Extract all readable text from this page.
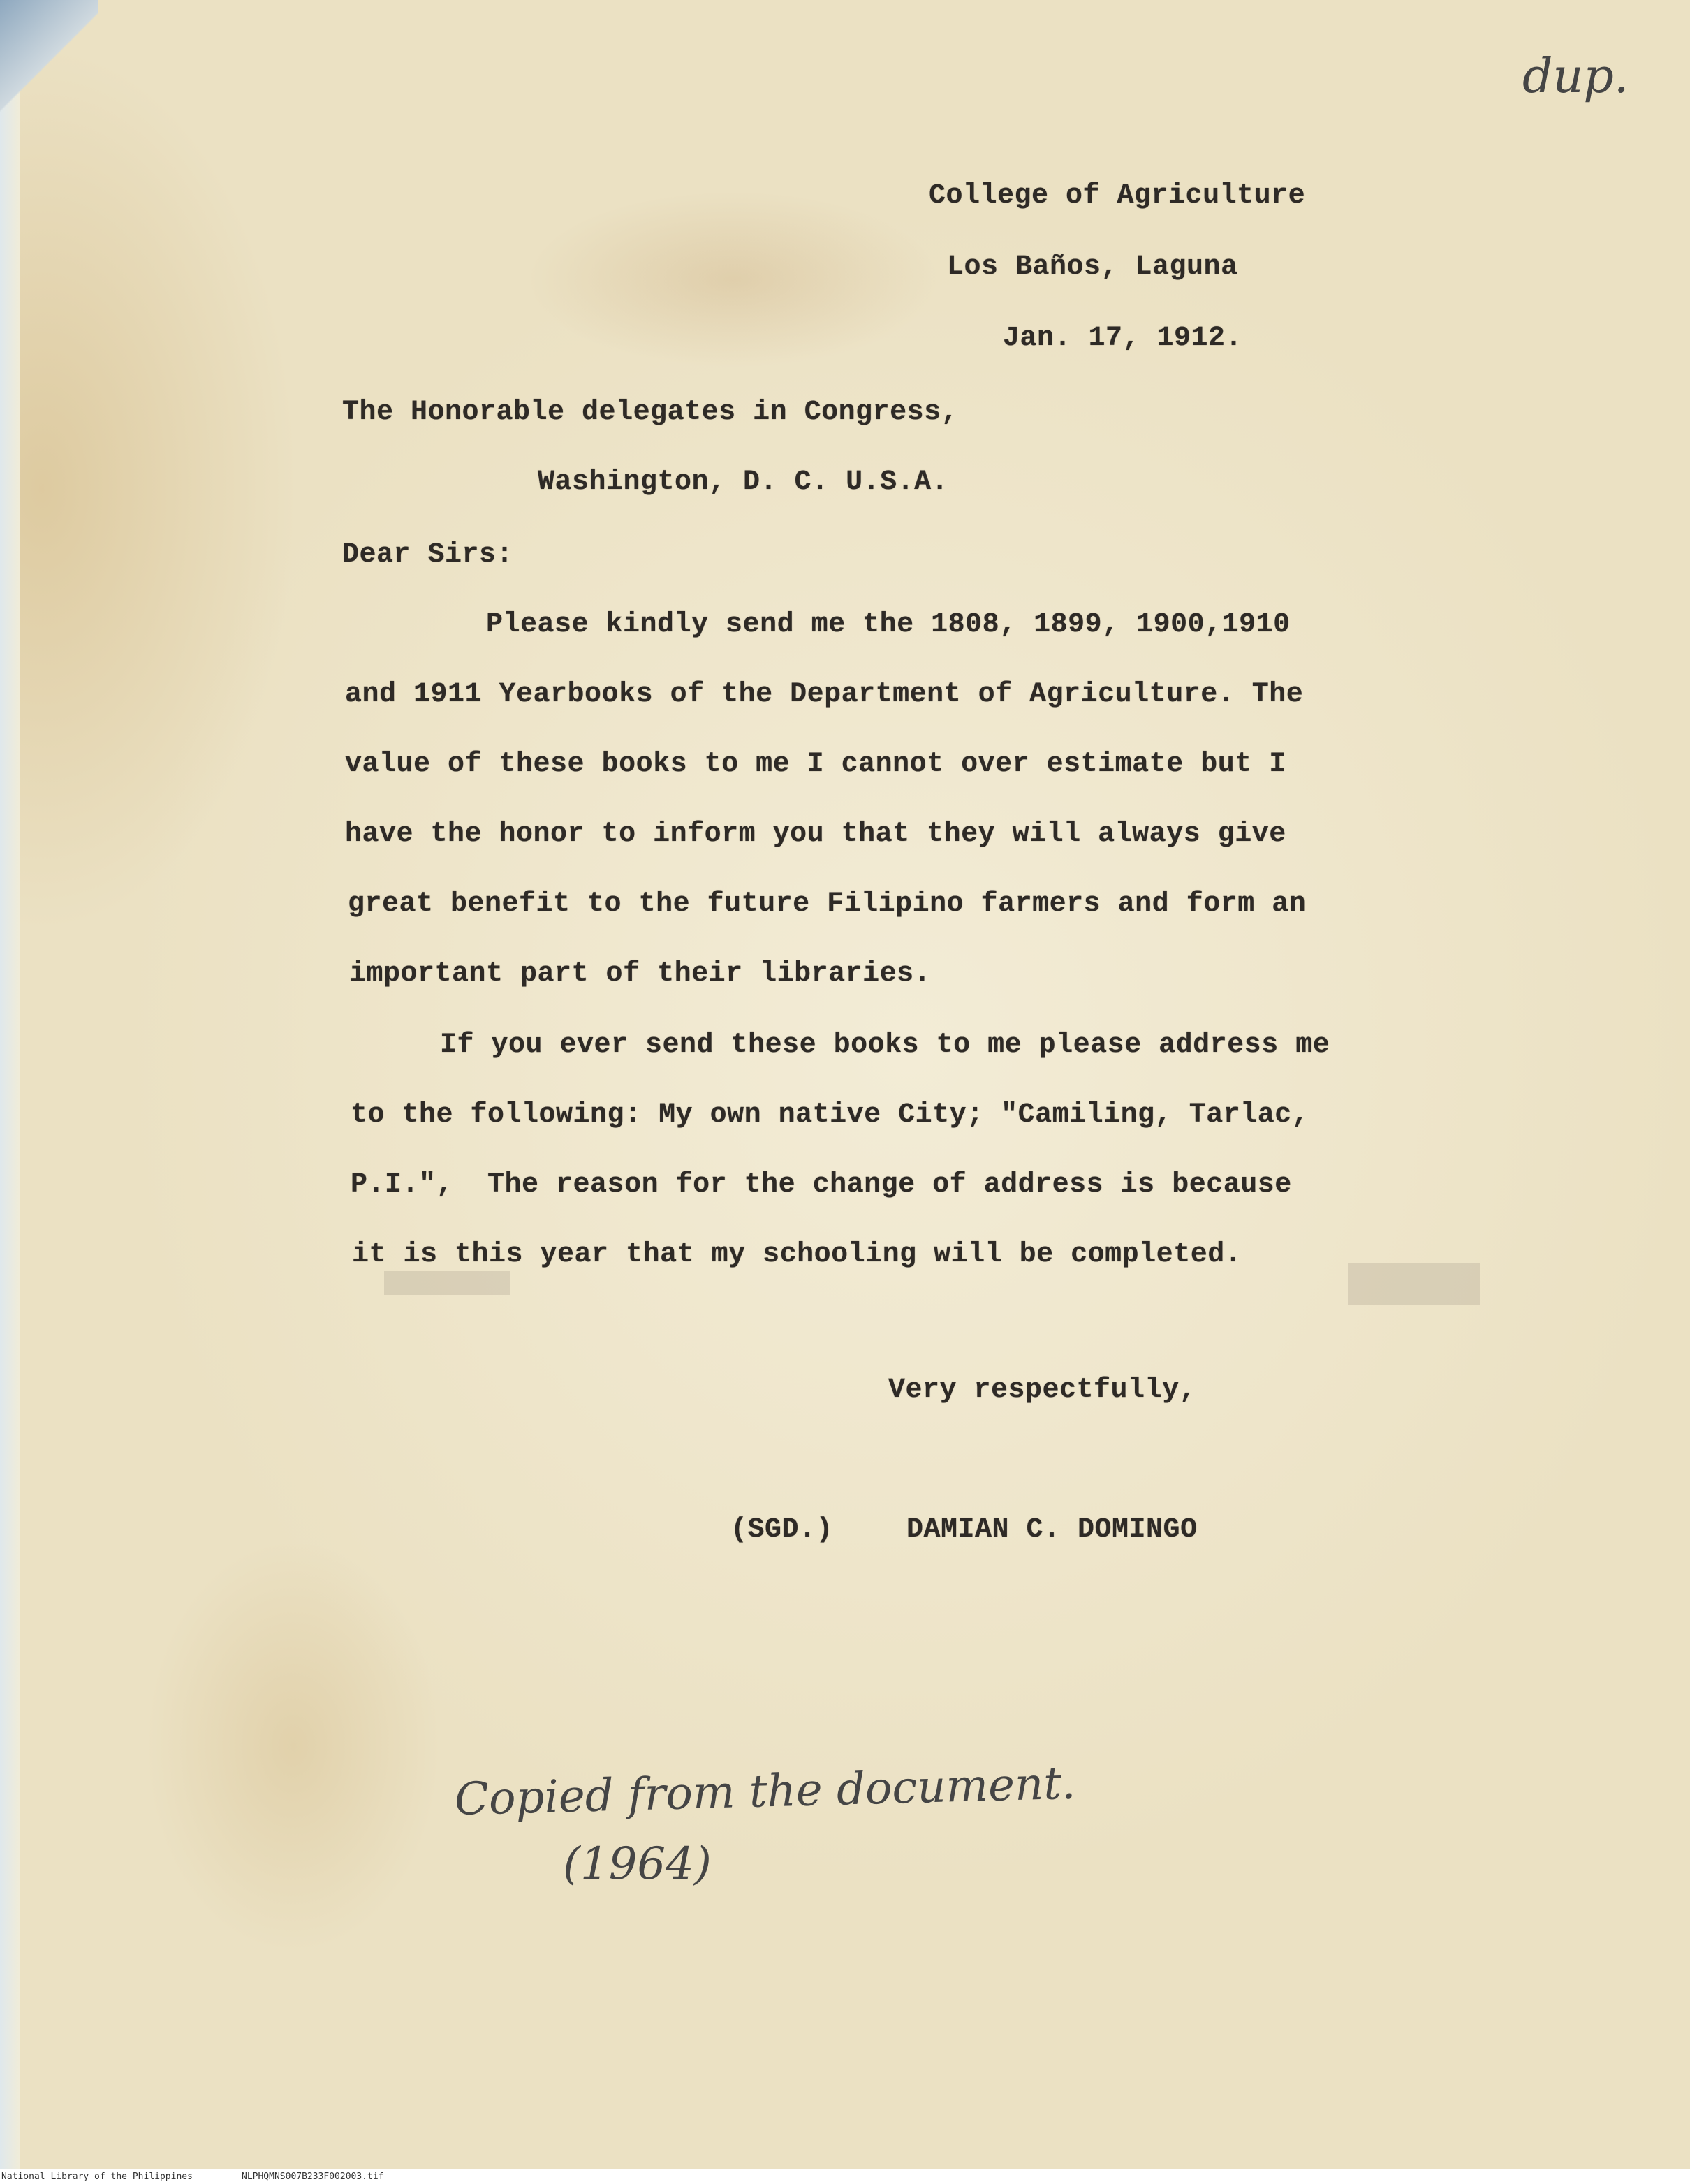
dup.
College of Agriculture
Los Baños, Laguna
Jan. 17, 1912.
The Honorable delegates in Congress,
Washington, D. C. U.S.A.
Dear Sirs:
Please kindly send me the 1808, 1899, 1900,1910
and 1911 Yearbooks of the Department of Agriculture. The
value of these books to me I cannot over estimate but I
have the honor to inform you that they will always give
great benefit to the future Filipino farmers and form an
important part of their libraries.
If you ever send these books to me please address me
to the following: My own native City; "Camiling, Tarlac,
P.I.",  The reason for the change of address is because
it is this year that my schooling will be completed.
Very respectfully,
(SGD.)	DAMIAN C. DOMINGO
Copied from the document.
(1964)
National Library of the Philippines	NLPHQMNS007B233F002003.tif
